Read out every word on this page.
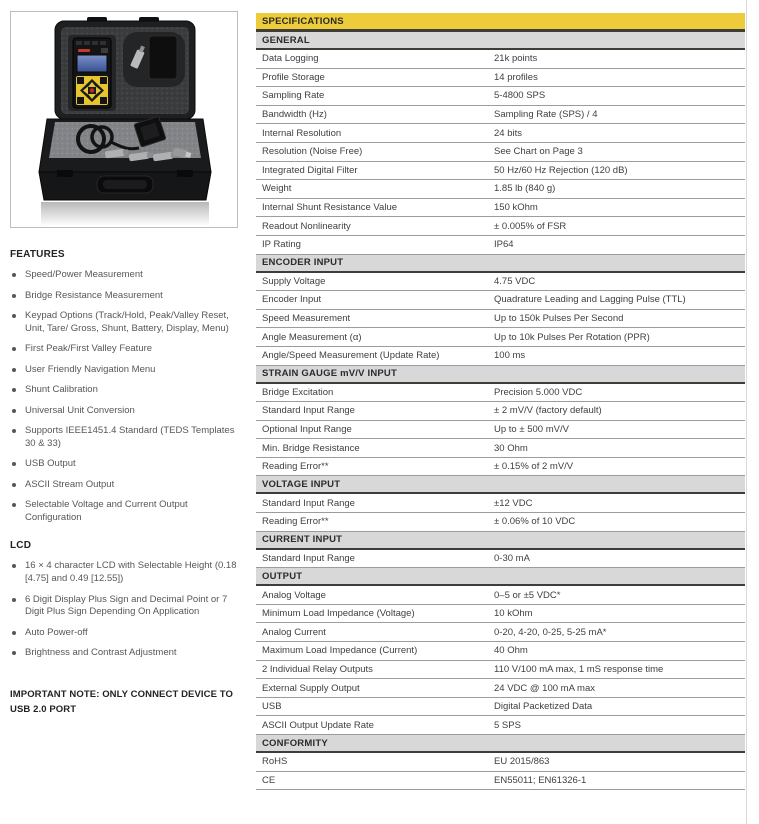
FEATURES
Speed/Power Measurement
Bridge Resistance Measurement
Keypad Options (Track/Hold, Peak/Valley Reset, Unit, Tare/ Gross, Shunt, Battery, Display, Menu)
First Peak/First Valley Feature
User Friendly Navigation Menu
Shunt Calibration
Universal Unit Conversion
Supports IEEE1451.4 Standard (TEDS Templates 30 & 33)
USB Output
ASCII Stream Output
Selectable Voltage and Current Output Configuration
LCD
16 × 4 character LCD with Selectable Height (0.18 [4.75] and 0.49 [12.55])
6 Digit Display Plus Sign and Decimal Point or 7 Digit Plus Sign Depending On Application
Auto Power-off
Brightness and Contrast Adjustment
IMPORTANT NOTE: ONLY CONNECT DEVICE TO USB 2.0 PORT
SPECIFICATIONS
GENERAL
Data Logging	21k points
Profile Storage	14 profiles
Sampling Rate	5-4800 SPS
Bandwidth (Hz)	Sampling Rate (SPS) / 4
Internal Resolution	24 bits
Resolution (Noise Free)	See Chart on Page 3
Integrated Digital Filter	50 Hz/60 Hz Rejection (120 dB)
Weight	1.85 lb (840 g)
Internal Shunt Resistance Value	150 kOhm
Readout Nonlinearity	± 0.005% of FSR
IP Rating	IP64
ENCODER INPUT
Supply Voltage	4.75 VDC
Encoder Input	Quadrature Leading and Lagging Pulse (TTL)
Speed Measurement	Up to 150k Pulses Per Second
Angle Measurement (α)	Up to 10k Pulses Per Rotation (PPR)
Angle/Speed Measurement (Update Rate)	100 ms
STRAIN GAUGE mV/V INPUT
Bridge Excitation	Precision 5.000 VDC
Standard Input Range	± 2 mV/V (factory default)
Optional Input Range	Up to ± 500 mV/V
Min. Bridge Resistance	30 Ohm
Reading Error**	± 0.15% of 2 mV/V
VOLTAGE INPUT
Standard Input Range	±12 VDC
Reading Error**	± 0.06% of 10 VDC
CURRENT INPUT
Standard Input Range	0-30 mA
OUTPUT
Analog Voltage	0–5 or ±5 VDC*
Minimum Load Impedance (Voltage)	10 kOhm
Analog Current	0-20, 4-20, 0-25, 5-25 mA*
Maximum Load Impedance (Current)	40 Ohm
2 Individual Relay Outputs	110 V/100 mA max, 1 mS response time
External Supply Output	24 VDC @ 100 mA max
USB	Digital Packetized Data
ASCII Output Update Rate	5 SPS
CONFORMITY
RoHS	EU 2015/863
CE	EN55011; EN61326-1
